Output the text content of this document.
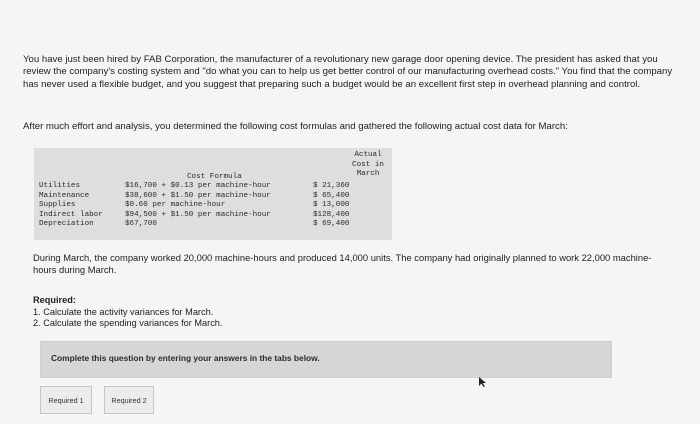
You have just been hired by FAB Corporation, the manufacturer of a revolutionary new garage door opening device. The president has asked that you review the company's costing system and "do what you can to help us get better control of our manufacturing overhead costs." You find that the company has never used a flexible budget, and you suggest that preparing such a budget would be an excellent first step in overhead planning and control.
After much effort and analysis, you determined the following cost formulas and gathered the following actual cost data for March:
Cost Formula
Actual
Cost in
March
Utilities	$16,700 + $0.13 per machine-hour	$ 21,360
Maintenance	$38,600 + $1.50 per machine-hour	$ 65,400
Supplies	$0.60 per machine-hour	$ 13,000
Indirect labor	$94,500 + $1.50 per machine-hour	$128,400
Depreciation	$67,700	$ 69,400
During March, the company worked 20,000 machine-hours and produced 14,000 units. The company had originally planned to work 22,000 machine-hours during March.
Required:
1. Calculate the activity variances for March.
2. Calculate the spending variances for March.
Complete this question by entering your answers in the tabs below.
Required 1	Required 2
